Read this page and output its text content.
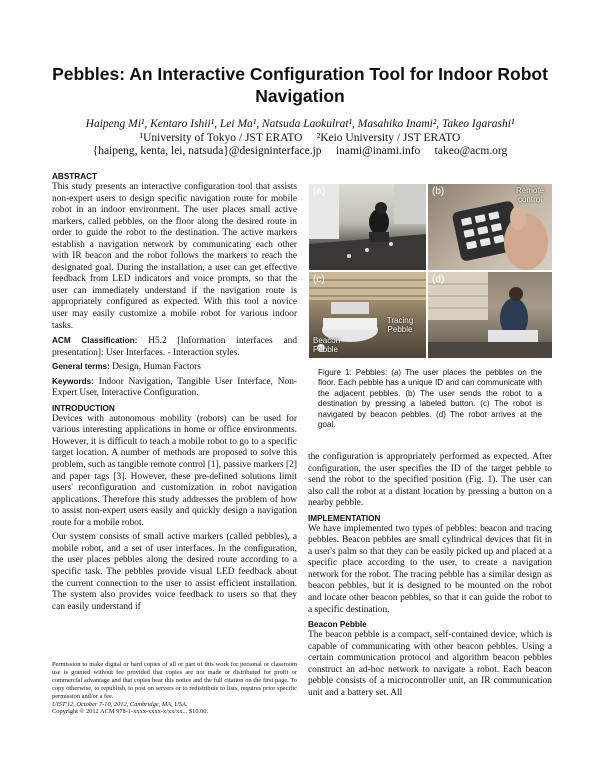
Pebbles: An Interactive Configuration Tool for Indoor Robot Navigation
Haipeng Mi¹, Kentaro Ishii¹, Lei Ma¹, Natsuda Laokulrat¹, Masahiko Inami², Takeo Igarashi¹
¹University of Tokyo / JST ERATO     ²Keio University / JST ERATO
{haipeng, kenta, lei, natsuda}@designinterface.jp     inami@inami.info     takeo@acm.org
ABSTRACT
This study presents an interactive configuration tool that assists non-expert users to design specific navigation route for mobile robot in an indoor environment. The user places small active markers, called pebbles, on the floor along the desired route in order to guide the robot to the destination. The active markers establish a navigation network by communicating each other with IR beacon and the robot follows the markers to reach the designated goal. During the installation, a user can get effective feedback from LED indicators and voice prompts, so that the user can immediately understand if the navigation route is appropriately configured as expected. With this tool a novice user may easily customize a mobile robot for various indoor tasks.
ACM Classification: H5.2 [Information interfaces and presentation]: User Interfaces. - Interaction styles.
General terms: Design, Human Factors
Keywords: Indoor Navigation, Tangible User Interface, Non-Expert User, Interactive Configuration.
INTRODUCTION
Devices with autonomous mobility (robots) can be used for various interesting applications in home or office environments. However, it is difficult to teach a mobile robot to go to a specific target location. A number of methods are proposed to solve this problem, such as tangible remote control [1], passive markers [2] and paper tags [3]. However, these pre-defined solutions limit users' reconfiguration and customization in robot navigation applications. Therefore this study addresses the problem of how to assist non-expert users easily and quickly design a navigation route for a mobile robot.
Our system consists of small active markers (called pebbles), a mobile robot, and a set of user interfaces. In the configuration, the user places pebbles along the desired route according to a specific task. The pebbles provide visual LED feedback about the current connection to the user to assist efficient installation. The system also provides voice feedback to users so that they can easily understand if
Permission to make digital or hard copies of all or part of this work for personal or classroom use is granted without fee provided that copies are not made or distributed for profit or commercial advantage and that copies bear this notice and the full citation on the first page. To copy otherwise, to republish, to post on servers or to redistribute to lists, requires prior specific permission and/or a fee.
UIST'12, October 7-10, 2012, Cambridge, MA, USA.
Copyright © 2012 ACM 978-1-xxxx-xxxx-x/xx/xx... $10.00.
(a)	(b)	Remote control
(c)
Tracing Pebble
Beacon Pebble
(d)
Figure 1: Pebbles: (a) The user places the pebbles on the floor. Each pebble has a unique ID and can communicate with the adjacent pebbles. (b) The user sends the robot to a destination by pressing a labeled button. (c) The robot is navigated by beacon pebbles. (d) The robot arrives at the goal.
the configuration is appropriately performed as expected. After configuration, the user specifies the ID of the target pebble to send the robot to the specified position (Fig. 1). The user can also call the robot at a distant location by pressing a button on a nearby pebble.
IMPLEMENTATION
We have implemented two types of pebbles: beacon and tracing pebbles. Beacon pebbles are small cylindrical devices that fit in a user's palm so that they can be easily picked up and placed at a specific place according to the user, to create a navigation network for the robot. The tracing pebble has a similar design as beacon pebbles, but it is designed to be mounted on the robot and locate other beacon pebbles, so that it can guide the robot to a specific destination.
Beacon Pebble
The beacon pebble is a compact, self-contained device, which is capable of communicating with other beacon pebbles. Using a certain communication protocol and algorithm beacon pebbles construct an ad-hoc network to navigate a robot. Each beacon pebble consists of a microcontroller unit, an IR communication unit and a battery set. All
